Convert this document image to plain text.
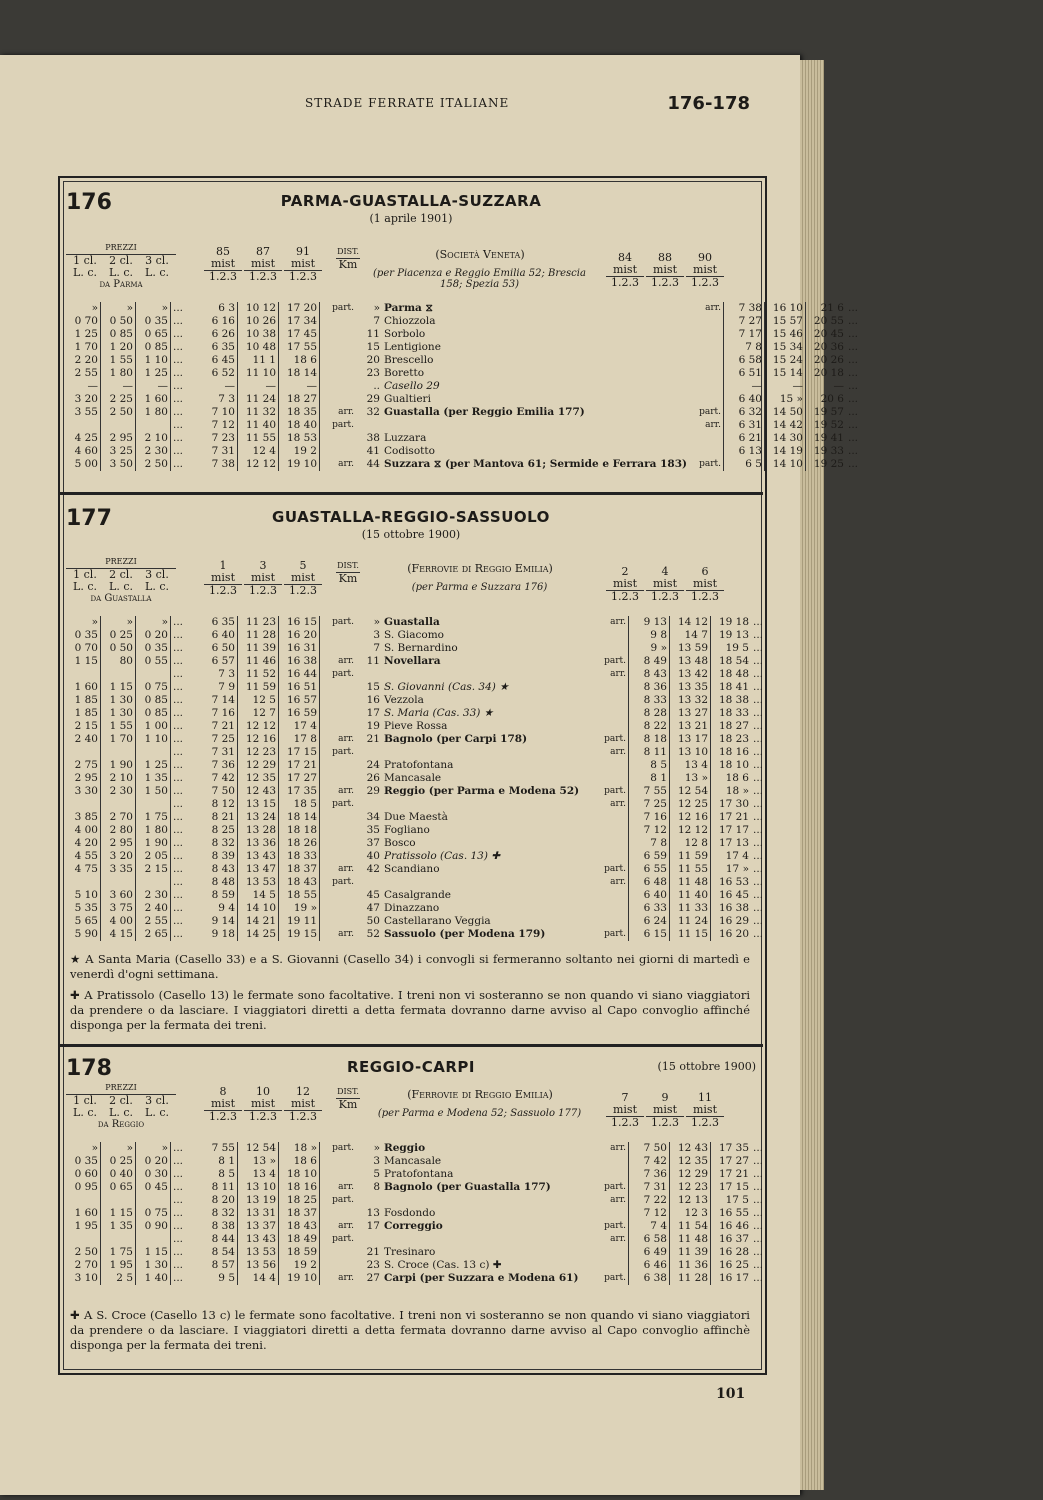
STRADE FERRATE ITALIANE	176-178
176	PARMA-GUASTALLA-SUZZARA
(1 aprile 1901)
177	GUASTALLA-REGGIO-SASSUOLO
(15 ottobre 1900)
★ A Santa Maria (Casello 33) e a S. Giovanni (Casello 34) i convogli si fermeranno soltanto nei giorni di martedì e venerdì d'ogni settimana.
✚ A Pratissolo (Casello 13) le fermate sono facoltative. I treni non vi sosteranno se non quando vi siano viaggiatori da prendere o da lasciare. I viaggiatori diretti a detta fermata dovranno darne avviso al Capo convoglio affinché disponga per la fermata dei treni.
178	REGGIO-CARPI	(15 ottobre 1900)
✚ A S. Croce (Casello 13 c) le fermate sono facoltative. I treni non vi sosteranno se non quando vi siano viaggiatori da prendere o da lasciare. I viaggiatori diretti a detta fermata dovranno darne avviso al Capo convoglio affinchè disponga per la fermata dei treni.
101
PREZZI
1 cl. 2 cl. 3 cl.
L. c. L. c. L. c.
da Parma
85
mist
1.2.3
87
mist
1.2.3
91
mist
1.2.3
DIST.
Km
(Società Veneta)
(per Piacenza e Reggio Emilia 52; Brescia 158; Spezia 53)
84
mist
1.2.3
88
mist
1.2.3
90
mist
1.2.3
»	»	»	...	6 3	10 12	17 20	part.	»	Parma ⧖	arr.	7 38	16 10	21 6	...
0 70	0 50	0 35	...	6 16	10 26	17 34		7	Chiozzola		7 27	15 57	20 55	...
1 25	0 85	0 65	...	6 26	10 38	17 45		11	Sorbolo		7 17	15 46	20 45	...
1 70	1 20	0 85	...	6 35	10 48	17 55		15	Lentigione		7 8	15 34	20 36	...
2 20	1 55	1 10	...	6 45	11 1	18 6		20	Brescello		6 58	15 24	20 26	...
2 55	1 80	1 25	...	6 52	11 10	18 14		23	Boretto		6 51	15 14	20 18	...
—	—	—	...	—	—	—		..	Casello 29		—	—	—	...
3 20	2 25	1 60	...	7 3	11 24	18 27		29	Gualtieri		6 40	15 »	20 6	...
3 55	2 50	1 80	...	7 10	11 32	18 35	arr.	32	Guastalla (per Reggio Emilia 177)	part.	6 32	14 50	19 57	...
			...	7 12	11 40	18 40	part.			arr.	6 31	14 42	19 52	...
4 25	2 95	2 10	...	7 23	11 55	18 53		38	Luzzara		6 21	14 30	19 41	...
4 60	3 25	2 30	...	7 31	12 4	19 2		41	Codisotto		6 13	14 19	19 33	...
5 00	3 50	2 50	...	7 38	12 12	19 10	arr.	44	Suzzara ⧖ (per Mantova 61; Sermide e Ferrara 183)	part.	6 5	14 10	19 25	...
PREZZI
1 cl. 2 cl. 3 cl.
L. c. L. c. L. c.
da Guastalla
1
mist
1.2.3
3
mist
1.2.3
5
mist
1.2.3
DIST.
Km
(Ferrovie di Reggio Emilia)
(per Parma e Suzzara 176)
2
mist
1.2.3
4
mist
1.2.3
6
mist
1.2.3
»	»	»	...	6 35	11 23	16 15	part.	»	Guastalla	arr.	9 13	14 12	19 18	...
0 35	0 25	0 20	...	6 40	11 28	16 20		3	S. Giacomo		9 8	14 7	19 13	...
0 70	0 50	0 35	...	6 50	11 39	16 31		7	S. Bernardino		9 »	13 59	19 5	...
1 15	80	0 55	...	6 57	11 46	16 38	arr.	11	Novellara	part.	8 49	13 48	18 54	...
			...	7 3	11 52	16 44	part.			arr.	8 43	13 42	18 48	...
1 60	1 15	0 75	...	7 9	11 59	16 51		15	S. Giovanni (Cas. 34) ★		8 36	13 35	18 41	...
1 85	1 30	0 85	...	7 14	12 5	16 57		16	Vezzola		8 33	13 32	18 38	...
1 85	1 30	0 85	...	7 16	12 7	16 59		17	S. Maria (Cas. 33) ★		8 28	13 27	18 33	...
2 15	1 55	1 00	...	7 21	12 12	17 4		19	Pieve Rossa		8 22	13 21	18 27	...
2 40	1 70	1 10	...	7 25	12 16	17 8	arr.	21	Bagnolo (per Carpi 178)	part.	8 18	13 17	18 23	...
			...	7 31	12 23	17 15	part.			arr.	8 11	13 10	18 16	...
2 75	1 90	1 25	...	7 36	12 29	17 21		24	Pratofontana		8 5	13 4	18 10	...
2 95	2 10	1 35	...	7 42	12 35	17 27		26	Mancasale		8 1	13 »	18 6	...
3 30	2 30	1 50	...	7 50	12 43	17 35	arr.	29	Reggio (per Parma e Modena 52)	part.	7 55	12 54	18 »	...
			...	8 12	13 15	18 5	part.			arr.	7 25	12 25	17 30	...
3 85	2 70	1 75	...	8 21	13 24	18 14		34	Due Maestà		7 16	12 16	17 21	...
4 00	2 80	1 80	...	8 25	13 28	18 18		35	Fogliano		7 12	12 12	17 17	...
4 20	2 95	1 90	...	8 32	13 36	18 26		37	Bosco		7 8	12 8	17 13	...
4 55	3 20	2 05	...	8 39	13 43	18 33		40	Pratissolo (Cas. 13) ✚		6 59	11 59	17 4	...
4 75	3 35	2 15	...	8 43	13 47	18 37	arr.	42	Scandiano	part.	6 55	11 55	17 »	...
			...	8 48	13 53	18 43	part.			arr.	6 48	11 48	16 53	...
5 10	3 60	2 30	...	8 59	14 5	18 55		45	Casalgrande		6 40	11 40	16 45	...
5 35	3 75	2 40	...	9 4	14 10	19 »		47	Dinazzano		6 33	11 33	16 38	...
5 65	4 00	2 55	...	9 14	14 21	19 11		50	Castellarano Veggia		6 24	11 24	16 29	...
5 90	4 15	2 65	...	9 18	14 25	19 15	arr.	52	Sassuolo (per Modena 179)	part.	6 15	11 15	16 20	...
PREZZI
1 cl. 2 cl. 3 cl.
L. c. L. c. L. c.
da Reggio
8
mist
1.2.3
10
mist
1.2.3
12
mist
1.2.3
DIST.
Km
(Ferrovie di Reggio Emilia)
(per Parma e Modena 52; Sassuolo 177)
7
mist
1.2.3
9
mist
1.2.3
11
mist
1.2.3
»	»	»	...	7 55	12 54	18 »	part.	»	Reggio	arr.	7 50	12 43	17 35	...
0 35	0 25	0 20	...	8 1	13 »	18 6		3	Mancasale		7 42	12 35	17 27	...
0 60	0 40	0 30	...	8 5	13 4	18 10		5	Pratofontana		7 36	12 29	17 21	...
0 95	0 65	0 45	...	8 11	13 10	18 16	arr.	8	Bagnolo (per Guastalla 177)	part.	7 31	12 23	17 15	...
			...	8 20	13 19	18 25	part.			arr.	7 22	12 13	17 5	...
1 60	1 15	0 75	...	8 32	13 31	18 37		13	Fosdondo		7 12	12 3	16 55	...
1 95	1 35	0 90	...	8 38	13 37	18 43	arr.	17	Correggio	part.	7 4	11 54	16 46	...
			...	8 44	13 43	18 49	part.			arr.	6 58	11 48	16 37	...
2 50	1 75	1 15	...	8 54	13 53	18 59		21	Tresinaro		6 49	11 39	16 28	...
2 70	1 95	1 30	...	8 57	13 56	19 2		23	S. Croce (Cas. 13 c) ✚		6 46	11 36	16 25	...
3 10	2 5	1 40	...	9 5	14 4	19 10	arr.	27	Carpi (per Suzzara e Modena 61)	part.	6 38	11 28	16 17	...
